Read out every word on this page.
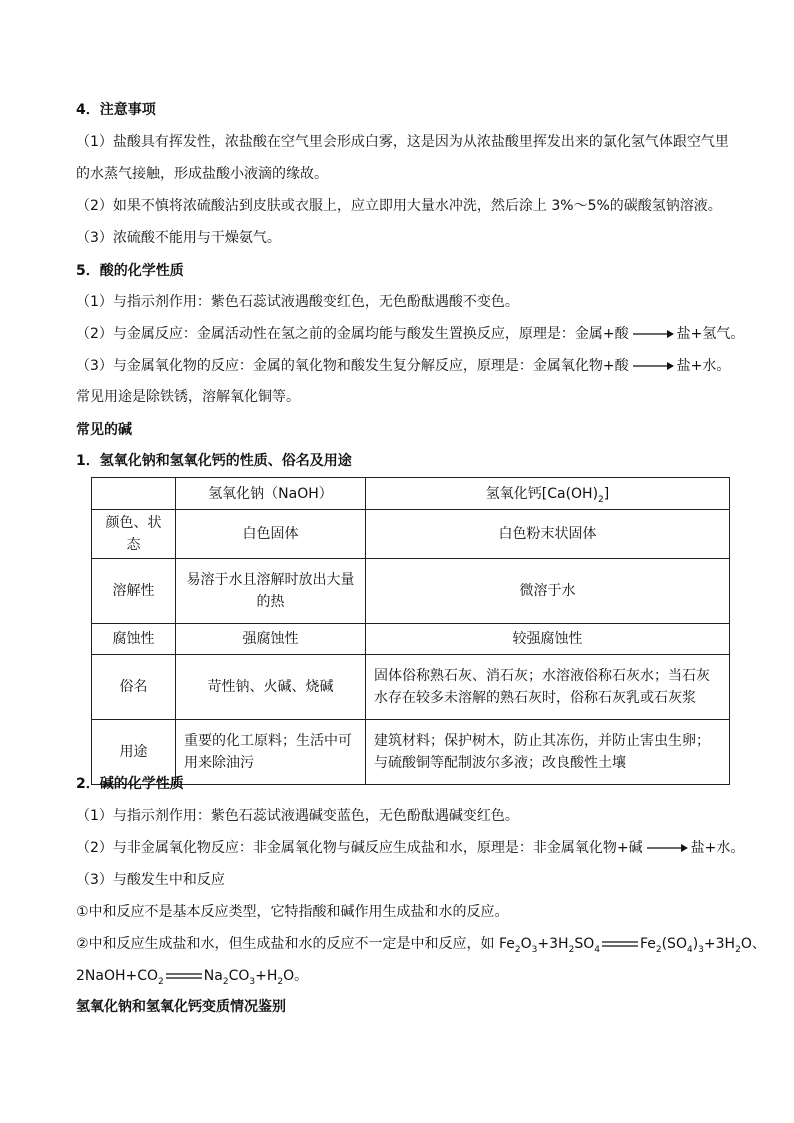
4．注意事项
（1）盐酸具有挥发性，浓盐酸在空气里会形成白雾，这是因为从浓盐酸里挥发出来的氯化氢气体跟空气里
的水蒸气接触，形成盐酸小液滴的缘故。
（2）如果不慎将浓硫酸沾到皮肤或衣服上，应立即用大量水冲洗，然后涂上 3%～5%的碳酸氢钠溶液。
（3）浓硫酸不能用与干燥氨气。
5．酸的化学性质
（1）与指示剂作用：紫色石蕊试液遇酸变红色，无色酚酞遇酸不变色。
（2）与金属反应：金属活动性在氢之前的金属均能与酸发生置换反应，原理是：金属+酸 → 盐+氢气。
（3）与金属氧化物的反应：金属的氧化物和酸发生复分解反应，原理是：金属氧化物+酸 → 盐+水。
常见用途是除铁锈，溶解氧化铜等。
常见的碱
1．氢氧化钠和氢氧化钙的性质、俗名及用途
	氢氧化钠（NaOH）	氢氧化钙$[Ca(OH)_2]$
颜色、状态	白色固体	白色粉末状固体
溶解性	易溶于水且溶解时放出大量的热	微溶于水
腐蚀性	强腐蚀性	较强腐蚀性
俗名	苛性钠、火碱、烧碱	固体俗称熟石灰、消石灰；水溶液俗称石灰水；当石灰水存在较多未溶解的熟石灰时，俗称石灰乳或石灰浆
用途	重要的化工原料；生活中可用来除油污	建筑材料；保护树木，防止其冻伤，并防止害虫生卵；与硫酸铜等配制波尔多液；改良酸性土壤
2．碱的化学性质
（1）与指示剂作用：紫色石蕊试液遇碱变蓝色，无色酚酞遇碱变红色。
（2）与非金属氧化物反应：非金属氧化物与碱反应生成盐和水，原理是：非金属氧化物+碱 → 盐+水。
（3）与酸发生中和反应
①中和反应不是基本反应类型，它特指酸和碱作用生成盐和水的反应。
②中和反应生成盐和水，但生成盐和水的反应不一定是中和反应，如 $Fe_2O_3+3H_2SO_4$	$Fe_2(SO_4)_3+3H_2O$、
$2NaOH+CO_2$	$Na_2CO_3+H_2O$。
氢氧化钠和氢氧化钙变质情况鉴别
